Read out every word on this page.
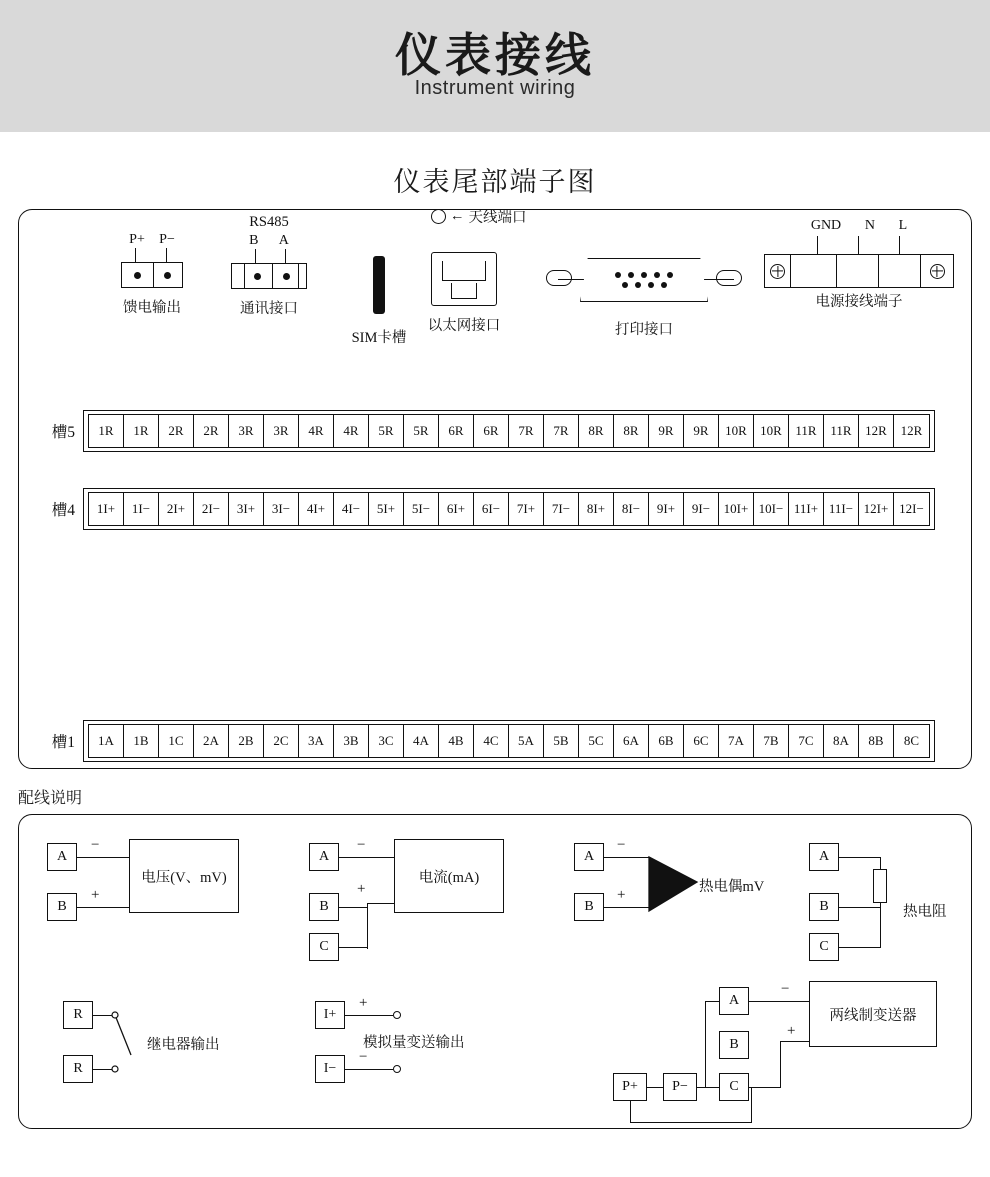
仪表接线
Instrument wiring
仪表尾部端子图
P+ P−
馈电输出
RS485
B A
通讯接口
SIM卡槽
以太网接口
← 天线端口
打印接口
GND N L
电源接线端子
槽5	1R	1R	2R	2R	3R	3R	4R	4R	5R	5R	6R	6R	7R	7R	8R	8R	9R	9R	10R	10R	11R	11R	12R	12R
槽4	1I+	1I−	2I+	2I−	3I+	3I−	4I+	4I−	5I+	5I−	6I+	6I−	7I+	7I−	8I+	8I−	9I+	9I−	10I+ 10I− 11I+ 11I− 12I+ 12I−
槽1	1A	1B	1C	2A	2B	2C	3A	3B	3C	4A	4B	4C	5A	5B	5C	6A	6B	6C	7A	7B	7C	8A	8B	8C
配线说明
A
B
−
+
电压(V、mV)
A
B
C
−
+
电流(mA)
A
B
−
+	热电偶mV
A
B
C
热电阻
R
R
继电器输出
I+
I−
+
−
模拟量变送输出
A
B
C
P+	P−
−
+
两线制变送器
